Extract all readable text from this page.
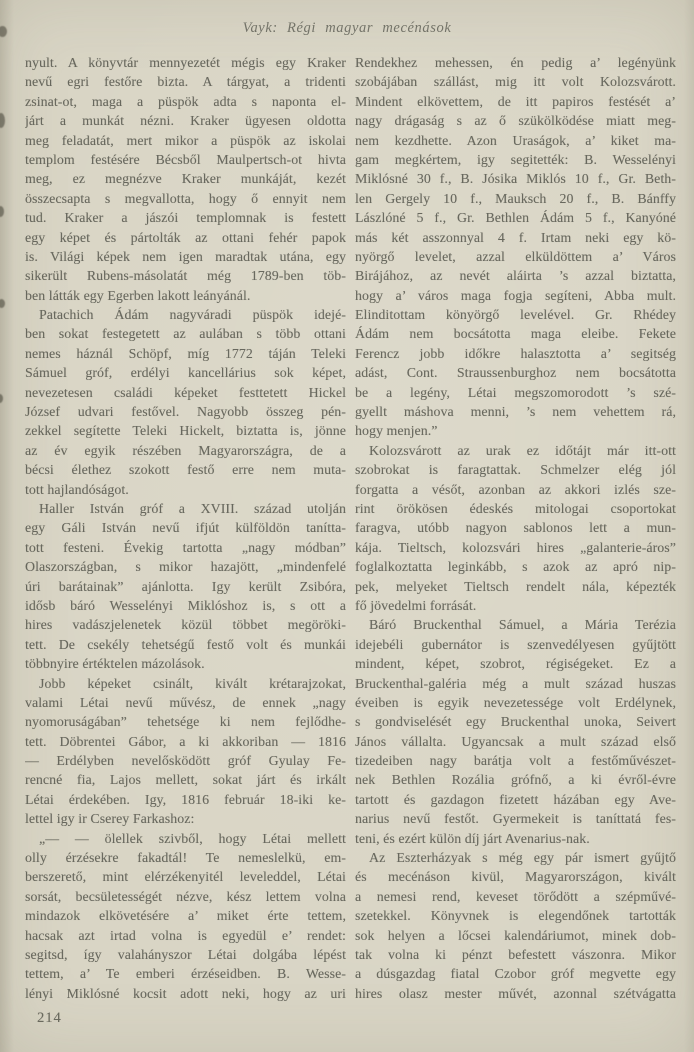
Vayk: Régi magyar mecénások
nyult. A könyvtár mennyezetét mégis egy Kraker
nevű egri festőre bizta. A tárgyat, a tridenti
zsinat-ot, maga a püspök adta s naponta el-
járt a munkát nézni. Kraker ügyesen oldotta
meg feladatát, mert mikor a püspök az iskolai
templom festésére Bécsből Maulpertsch-ot hivta
meg, ez megnézve Kraker munkáját, kezét
összecsapta s megvallotta, hogy ő ennyit nem
tud. Kraker a jászói templomnak is festett
egy képet és pártolták az ottani fehér papok
is. Világi képek nem igen maradtak utána, egy
sikerült Rubens-másolatát még 1789-ben töb-
ben látták egy Egerben lakott leányánál.
Patachich Ádám nagyváradi püspök idejé-
ben sokat festegetett az aulában s több ottani
nemes háznál Schöpf, míg 1772 táján Teleki
Sámuel gróf, erdélyi kancellárius sok képet,
nevezetesen családi képeket festtetett Hickel
József udvari festővel. Nagyobb összeg pén-
zekkel segítette Teleki Hickelt, biztatta is, jönne
az év egyik részében Magyarországra, de a
bécsi élethez szokott festő erre nem muta-
tott hajlandóságot.
Haller István gróf a XVIII. század utolján
egy Gáli István nevű ifjút külföldön tanítta-
tott festeni. Évekig tartotta „nagy módban”
Olaszországban, s mikor hazajött, „mindenfelé
úri barátainak” ajánlotta. Igy került Zsibóra,
idősb báró Wesselényi Miklóshoz is, s ott a
hires vadászjelenetek közül többet megöröki-
tett. De csekély tehetségű festő volt és munkái
többnyire értéktelen mázolások.
Jobb képeket csinált, kivált krétarajzokat,
valami Létai nevű művész, de ennek „nagy
nyomoruságában” tehetsége ki nem fejlődhe-
tett. Döbrentei Gábor, a ki akkoriban — 1816
— Erdélyben nevelősködött gróf Gyulay Fe-
rencné fia, Lajos mellett, sokat járt és irkált
Létai érdekében. Igy, 1816 február 18-iki ke-
lettel igy ir Cserey Farkashoz:
„— — ölellek szivből, hogy Létai mellett
olly érzésekre fakadtál! Te nemeslelkü, em-
berszerető, mint elérzékenyitél leveleddel, Létai
sorsát, becsületességét nézve, kész lettem volna
mindazok elkövetésére a’ miket érte tettem,
hacsak azt irtad volna is egyedül e’ rendet:
segitsd, így valahányszor Létai dolgába lépést
tettem, a’ Te emberi érzéseidben. B. Wesse-
lényi Miklósné kocsit adott neki, hogy az uri
Rendekhez mehessen, én pedig a’ legényünk
szobájában szállást, mig itt volt Kolozsvárott.
Mindent elkövettem, de itt papiros festését a’
nagy drágaság s az ő szükölködése miatt meg-
nem kezdhette. Azon Uraságok, a’ kiket ma-
gam megkértem, igy segitették: B. Wesselényi
Miklósné 30 f., B. Jósika Miklós 10 f., Gr. Beth-
len Gergely 10 f., Mauksch 20 f., B. Bánffy
Lászlóné 5 f., Gr. Bethlen Ádám 5 f., Kanyóné
más két asszonnyal 4 f. Irtam neki egy kö-
nyörgő levelet, azzal elküldöttem a’ Város
Birájához, az nevét aláirta ’s azzal biztatta,
hogy a’ város maga fogja segíteni, Abba mult.
Elinditottam könyörgő levelével. Gr. Rhédey
Ádám nem bocsátotta maga eleibe. Fekete
Ferencz jobb időkre halasztotta a’ segitség
adást, Cont. Straussenburghoz nem bocsátotta
be a legény, Létai megszomorodott ’s szé-
gyellt máshova menni, ’s nem vehettem rá,
hogy menjen.”
Kolozsvárott az urak ez időtájt már itt-ott
szobrokat is faragtattak. Schmelzer elég jól
forgatta a vésőt, azonban az akkori izlés sze-
rint örökösen édeskés mitologai csoportokat
faragva, utóbb nagyon sablonos lett a mun-
kája. Tieltsch, kolozsvári hires „galanterie-áros”
foglalkoztatta leginkább, s azok az apró nip-
pek, melyeket Tieltsch rendelt nála, képezték
fő jövedelmi forrását.
Báró Bruckenthal Sámuel, a Mária Terézia
idejebéli gubernátor is szenvedélyesen gyűjtött
mindent, képet, szobrot, régiségeket. Ez a
Bruckenthal-galéria még a mult század huszas
éveiben is egyik nevezetessége volt Erdélynek,
s gondviselését egy Bruckenthal unoka, Seivert
János vállalta. Ugyancsak a mult század első
tizedeiben nagy barátja volt a festőművészet-
nek Bethlen Rozália grófnő, a ki évről-évre
tartott és gazdagon fizetett házában egy Ave-
narius nevű festőt. Gyermekeit is taníttatá fes-
teni, és ezért külön díj járt Avenarius-nak.
Az Eszterházyak s még egy pár ismert gyűjtő
és mecénáson kivül, Magyarországon, kivált
a nemesi rend, keveset törődött a szépművé-
szetekkel. Könyvnek is elegendőnek tartották
sok helyen a lőcsei kalendáriumot, minek dob-
tak volna ki pénzt befestett vászonra. Mikor
a dúsgazdag fiatal Czobor gróf megvette egy
hires olasz mester művét, azonnal szétvágatta
214
